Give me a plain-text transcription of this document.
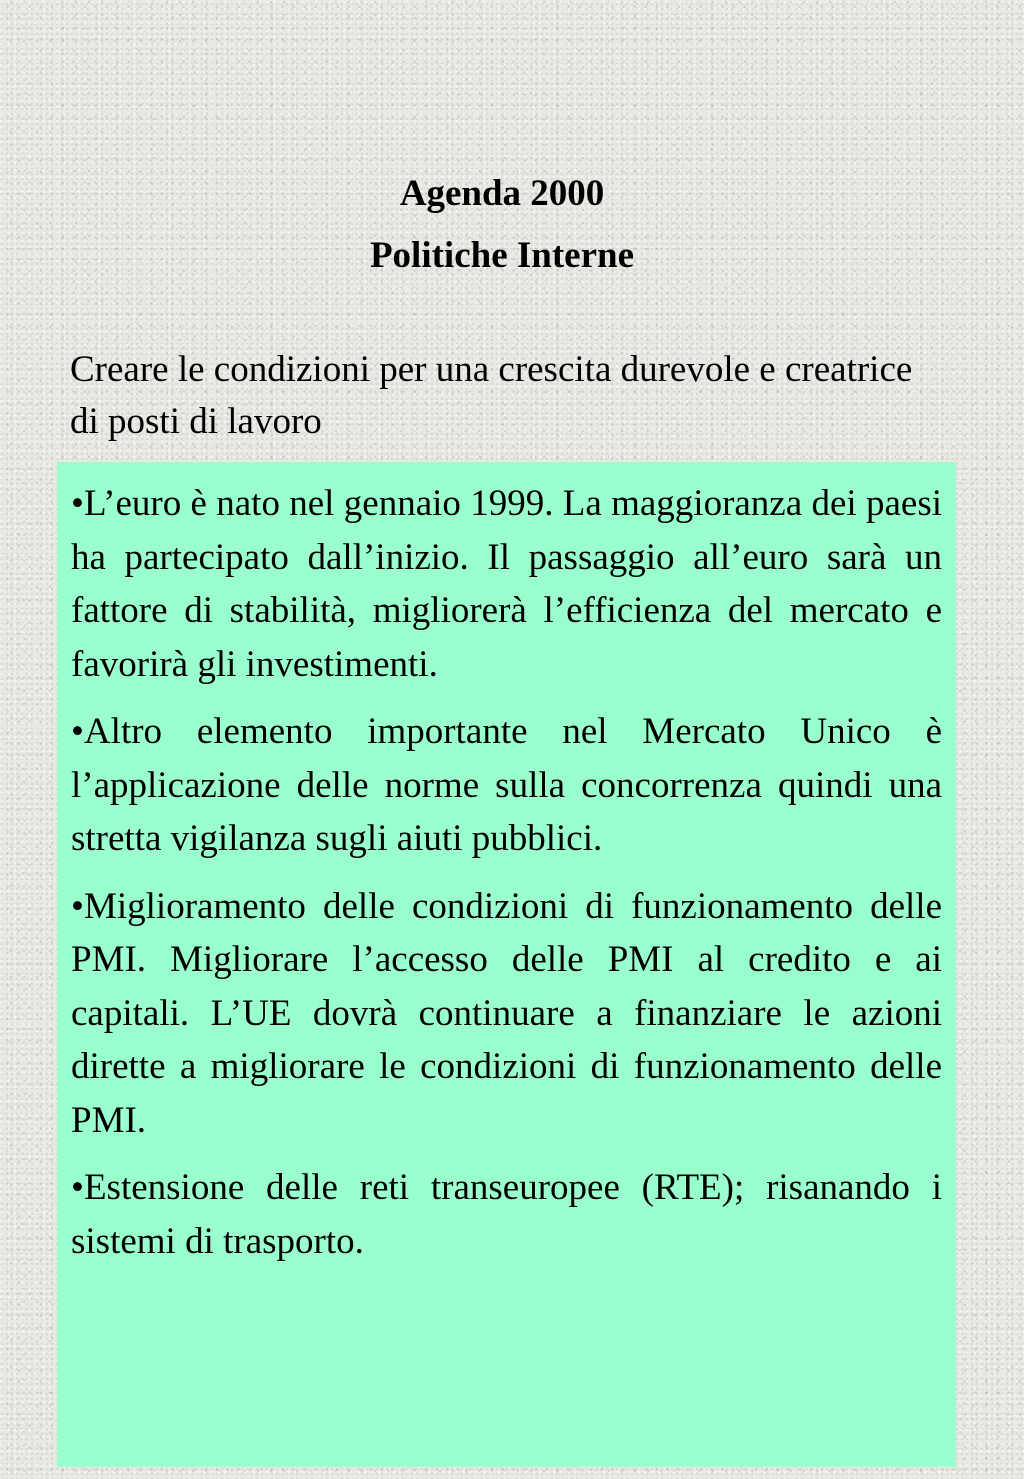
Agenda 2000
Politiche Interne

Creare le condizioni per una crescita durevole e creatrice di posti di lavoro

•L’euro è nato nel gennaio 1999. La maggioranza dei paesi ha partecipato dall’inizio. Il passaggio all’euro sarà un fattore di stabilità, migliorerà l’efficienza del mercato e favorirà gli investimenti.

•Altro elemento importante nel Mercato Unico è l’applicazione delle norme sulla concorrenza quindi una stretta vigilanza sugli aiuti pubblici.

•Miglioramento delle condizioni di funzionamento delle PMI. Migliorare l’accesso delle PMI al credito e ai capitali. L’UE dovrà continuare a finanziare le azioni dirette a migliorare le condizioni di funzionamento delle PMI.

•Estensione delle reti transeuropee (RTE); risanando i sistemi di trasporto.
